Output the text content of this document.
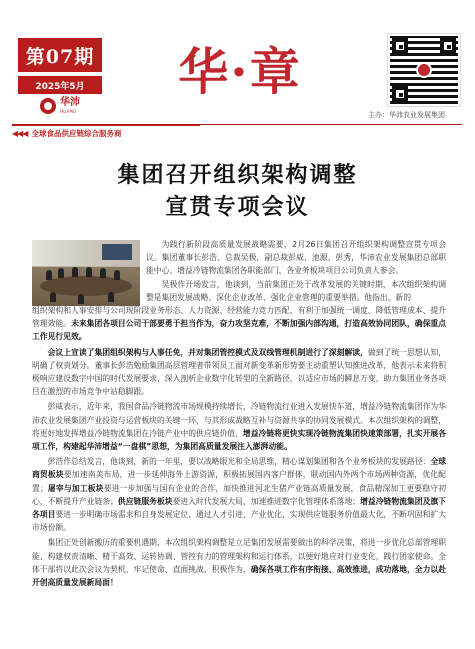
第07期
2025年5月
华沛
HUAPEI
华·章
主办：华沛农业发展集团
◀◀◀ 全球食品供应链综合服务商
集团召开组织架构调整
宣贯专项会议

为践行新阶段高质量发展战略需要，2月26日集团召开组织架构调整宣贯专项会议。集团董事长彭浩、总裁吴极，副总裁彭威、池源、彭秀，华沛农业发展集团总部职能中心、增益冷链物流集团各职能部门、各业务板块项目公司负责人参会。

吴极作开场发言，他谈到，当前集团正处于改革发展的关键时期，本次组织架构调整是集团发展战略、深化企业改革、强化企业管理的重要举措。他指出，新的

组织架构和人事安排与公司现阶段业务形态、人力资源、经营能力竞力匹配，有利于加强统一调度、降低管理成本、提升管理效能。未来集团各项目公司干部要勇于担当作为，奋力攻坚克难，不断加强内部沟通，打造高效协同团队，确保重点工作见行见效。

会议上宣读了集团组织架构与人事任免，并对集团管控模式及双线管理机制进行了深刻解读，做到了统一思想认知，明确了权责划分。董事长彭浩勉励集团高层管理者带领员工面对新变革新形势要主动重塑认知推进改革，他表示未来将积极响应建设数字中国的时代发展要求，深入剖析企业数字化转型的全新路径，以适应市场的瞬息万变，助力集团业务各项目在激烈的市场竞争中站稳脚跟。

彭威表示，近年来，我国食品冷链物流市场规模持续增长，冷链物流行业进入发展快车道，增益冷链物流集团作为华沛农业发展集团产业投资与运营板块的关键一环，与其形成战略互补与资源共享的协同发展模式。本次组织架构的调整，将更好地发挥增益冷链物流集团在冷链产业中的供应链价值，增益冷链将更快实现冷链物流集团快速策部署，扎实开展各项工作，构建起华沛增益“一盘棋”思想，为集团高质量发展注入澎湃动能。

彭浩作总结发言，他谈到，新的一年里，要以战略眼光和全局思维，精心谋划集团和各个业务板块的发展路径：全球商贸板块要加速南美布局，进一步延伸海外上游资源，积极拓展国内客户群体，联动国内外两个市场两种资源，优化配置；屠宰与加工板块要进一步加强与国有企业的合作，加快推进河北生猪产业链高质量发展，食品精深加工更要稳守初心，不断提升产业链条；供应链服务板块要进入时代发展大局，加速推进数字化管理体系落地；增益冷链物流集团及旗下各项目要进一步明确市场需求和自身发展定位，通过人才引进、产业优化，实现供应链服务价值最大化，不断巩固和扩大市场份额。

集团正处创新搬历的重要机遇期，本次组织架构调整是立足集团发展需要做出的科学决策，将进一步优化总部管理职能、构建权责清晰、精干高效、运转协调、管控有力的管理架构和运行体系，以便好地应对行业变化，践行团家使命。全体干部将以此次会议为契机，牢记使命、直面挑战、积极作为，确保各项工作有序衔接、高效推进，成功落地，全力以赴开创高质量发展新局面！
